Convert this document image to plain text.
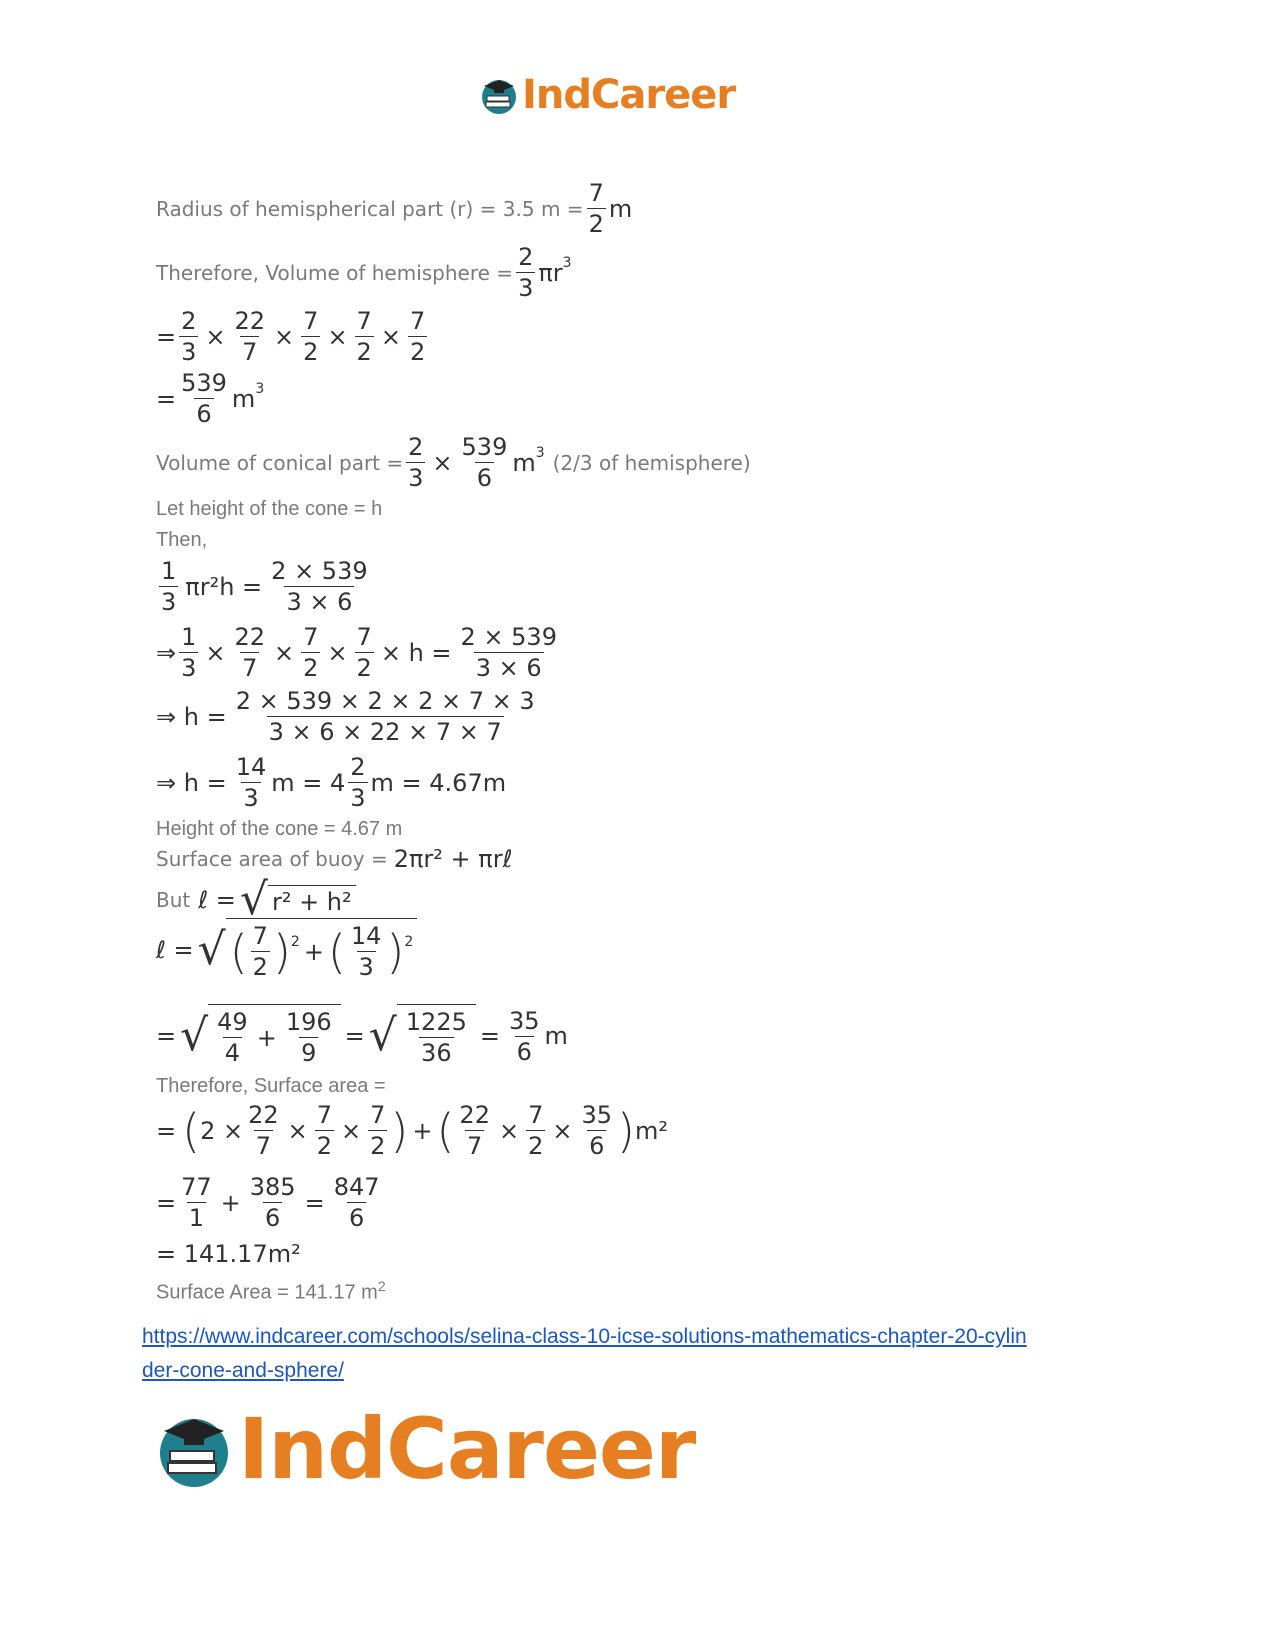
IndCareer
Radius of hemispherical part (r) = 3.5 $m = \frac{7}{2}$ m
Therefore, Volume of hemisphere = $\frac{2}{3} \pi r^3$
= $\frac{2}{3} \times \frac{22}{7} \times \frac{7}{2} \times \frac{7}{2} \times \frac{7}{2}$
= $\frac{539}{6} m^3$
Volume of conical part = $\frac{2}{3} \times \frac{539}{6} m^3$ (2/3 of hemisphere)
Let height of the cone = h
Then,
$\frac{1}{3} \pi r^2h = \frac{2 \times 539}{3 \times 6}$
⇒ $\frac{1}{3} \times \frac{22}{7} \times \frac{7}{2} \times \frac{7}{2} \times h = \frac{2 \times 539}{3 \times 6}$
⇒ $h = \frac{2 \times 539 \times 2 \times 2 \times 7 \times 3}{3 \times 6 \times 22 \times 7 \times 7}$
⇒ $h = \frac{14}{3}$ $m = 4 \frac{2}{3}$ m = 4.67m
Height of the cone = 4.67 m
Surface area of buoy = 2πr² + πrℓ
But ℓ = √ r² + h²
ℓ = √ ( $\frac{7}{2} )^2$ + ( $\frac{14}{3} )^2$
= √ $\frac{49}{4} + \frac{196}{9}$ = √ $\frac{1225}{36} = \frac{35}{6}$ m
Therefore, Surface area =
= ( $2 \times \frac{22}{7} \times \frac{7}{2} \times \frac{7}{2}$ ) + ( $\frac{22}{7} \times \frac{7}{2} \times \frac{35}{6}$ ) m²
= $\frac{77}{1} + \frac{385}{6} = \frac{847}{6}$
= 141.17m²
Surface Area = 141.17 $m^2$
https://www.indcareer.com/schools/selina-class-10-icse-solutions-mathematics-chapter-20-cylin
der-cone-and-sphere/
IndCareer
